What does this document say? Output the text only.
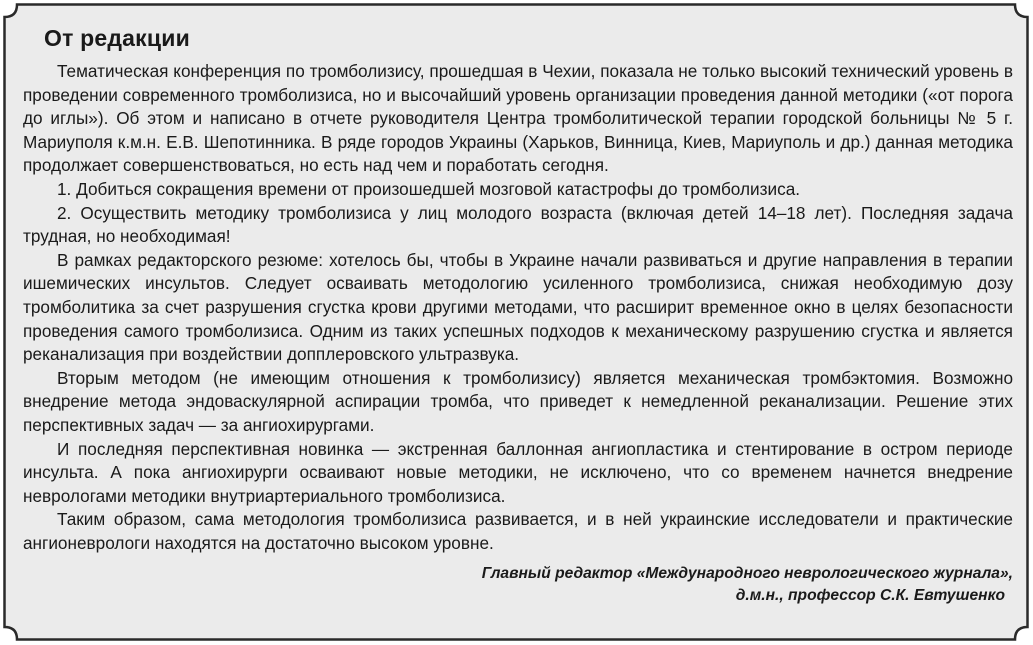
От редакции

Тематическая конференция по тромболизису, прошедшая в Чехии, показала не только высокий технический уровень в проведении современного тромболизиса, но и высочайший уровень организации проведения данной методики («от порога до иглы»). Об этом и написано в отчете руководителя Центра тромболитической терапии городской больницы № 5 г. Мариуполя к.м.н. Е.В. Шепотинника. В ряде городов Украины (Харьков, Винница, Киев, Мариуполь и др.) данная методика продолжает совершенствоваться, но есть над чем и поработать сегодня.

1. Добиться сокращения времени от произошедшей мозговой катастрофы до тромболизиса.

2. Осуществить методику тромболизиса у лиц молодого возраста (включая детей 14–18 лет). Последняя задача трудная, но необходимая!

В рамках редакторского резюме: хотелось бы, чтобы в Украине начали развиваться и другие направления в терапии ишемических инсультов. Следует осваивать методологию усиленного тромболизиса, снижая необходимую дозу тромболитика за счет разрушения сгустка крови другими методами, что расширит временное окно в целях безопасности проведения самого тромболизиса. Одним из таких успешных подходов к механическому разрушению сгустка и является реканализация при воздействии допплеровского ультразвука.

Вторым методом (не имеющим отношения к тромболизису) является механическая тромбэктомия. Возможно внедрение метода эндоваскулярной аспирации тромба, что приведет к немедленной реканализации. Решение этих перспективных задач — за ангиохирургами.

И последняя перспективная новинка — экстренная баллонная ангиопластика и стентирование в остром периоде инсульта. А пока ангиохирурги осваивают новые методики, не исключено, что со временем начнется внедрение неврологами методики внутриартериального тромболизиса.

Таким образом, сама методология тромболизиса развивается, и в ней украинские исследователи и практические ангионеврологи находятся на достаточно высоком уровне.

Главный редактор «Международного неврологического журнала»,
д.м.н., профессор С.К. Евтушенко
